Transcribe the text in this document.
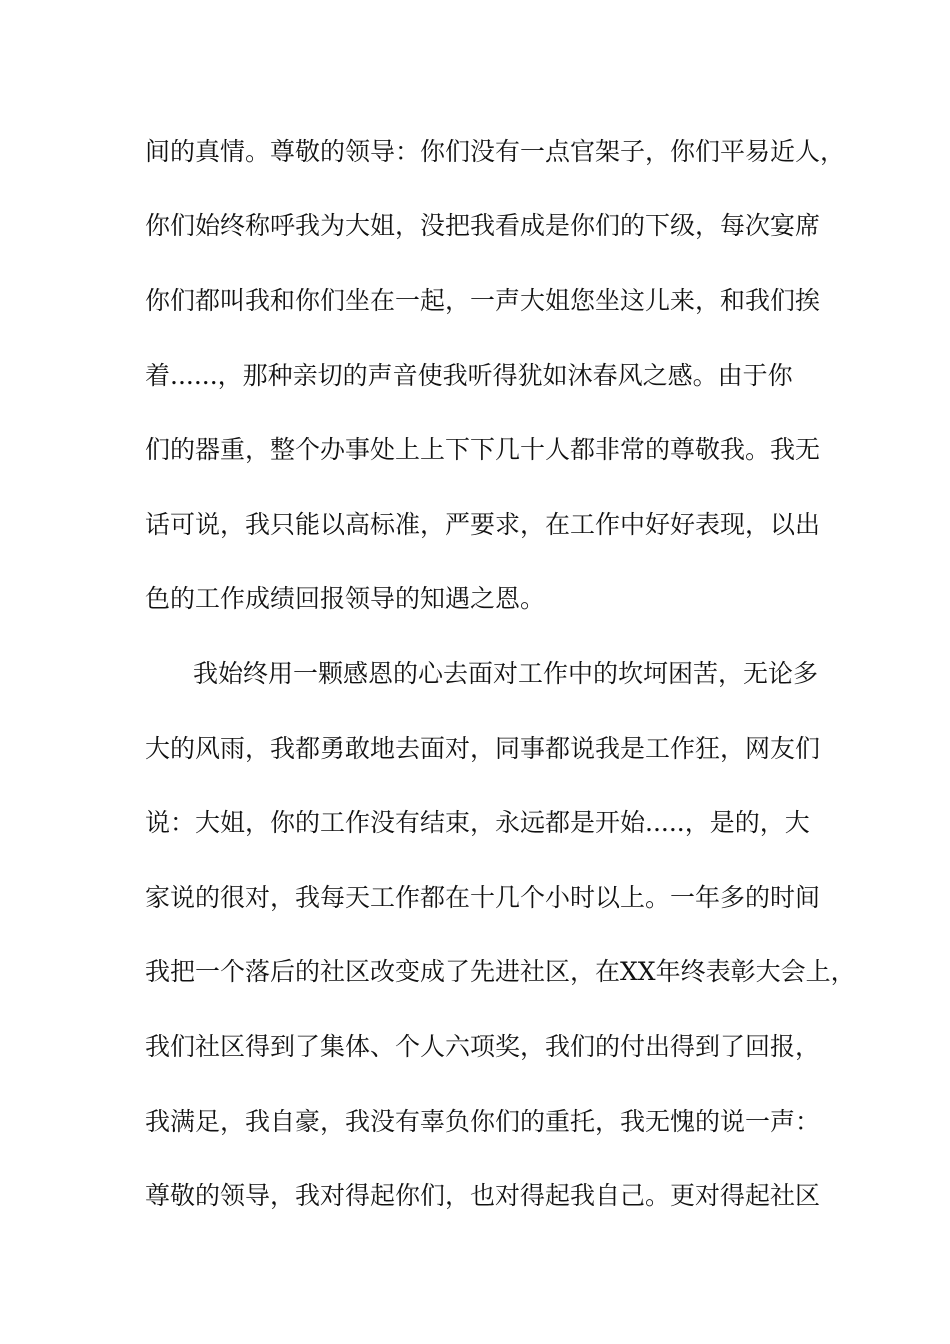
间的真情。尊敬的领导：你们没有一点官架子，你们平易近人，
你们始终称呼我为大姐，没把我看成是你们的下级，每次宴席
你们都叫我和你们坐在一起，一声大姐您坐这儿来，和我们挨
着......，那种亲切的声音使我听得犹如沐春风之感。由于你
们的器重，整个办事处上上下下几十人都非常的尊敬我。我无
话可说，我只能以高标准，严要求，在工作中好好表现，以出
色的工作成绩回报领导的知遇之恩。
我始终用一颗感恩的心去面对工作中的坎坷困苦，无论多
大的风雨，我都勇敢地去面对，同事都说我是工作狂，网友们
说：大姐，你的工作没有结束，永远都是开始.....，是的，大
家说的很对，我每天工作都在十几个小时以上。一年多的时间
我把一个落后的社区改变成了先进社区，在XX年终表彰大会上，
我们社区得到了集体、个人六项奖，我们的付出得到了回报，
我满足，我自豪，我没有辜负你们的重托，我无愧的说一声：
尊敬的领导，我对得起你们，也对得起我自己。更对得起社区
